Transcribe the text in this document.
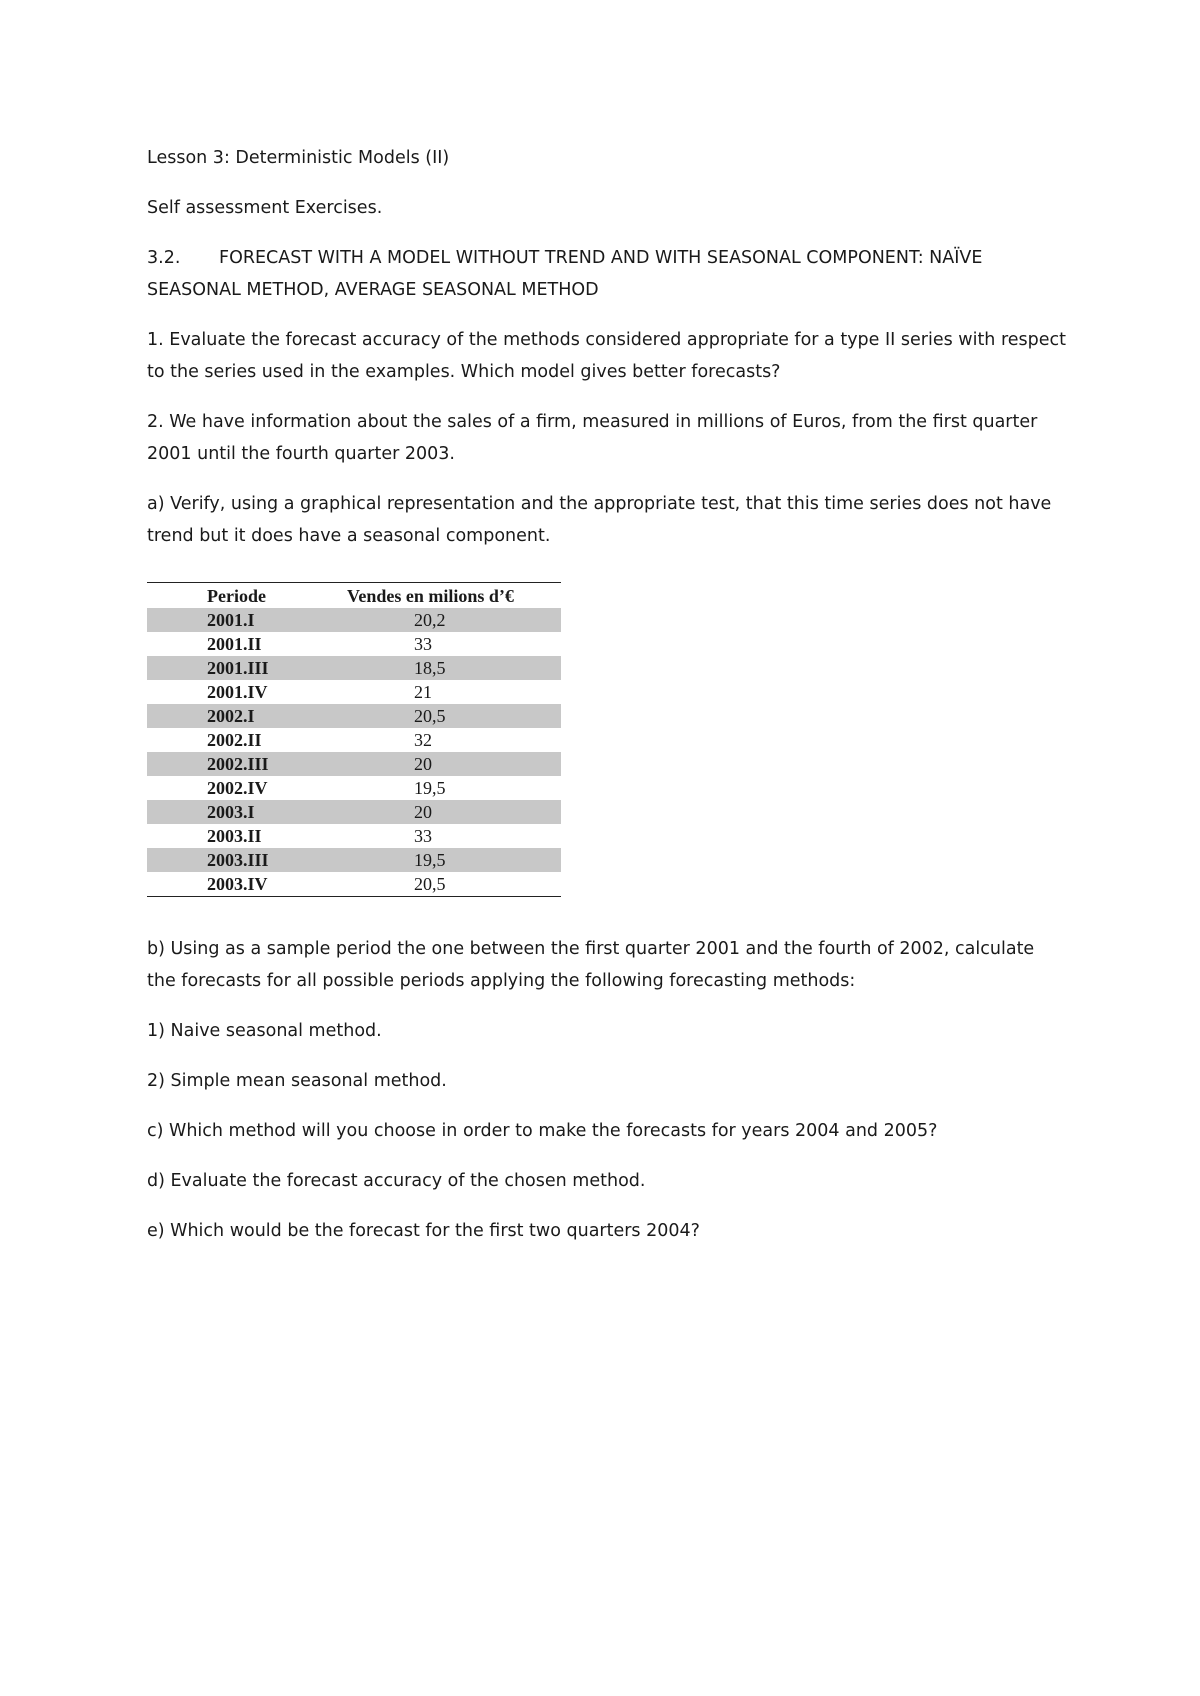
Lesson 3: Deterministic Models (II)

Self assessment Exercises.

3.2. FORECAST WITH A MODEL WITHOUT TREND AND WITH SEASONAL COMPONENT: NAÏVE SEASONAL METHOD, AVERAGE SEASONAL METHOD

1. Evaluate the forecast accuracy of the methods considered appropriate for a type II series with respect to the series used in the examples. Which model gives better forecasts?

2. We have information about the sales of a firm, measured in millions of Euros, from the first quarter 2001 until the fourth quarter 2003.

a) Verify, using a graphical representation and the appropriate test, that this time series does not have trend but it does have a seasonal component.

Periode	Vendes en milions d’€
2001.I	20,2
2001.II	33
2001.III	18,5
2001.IV	21
2002.I	20,5
2002.II	32
2002.III	20
2002.IV	19,5
2003.I	20
2003.II	33
2003.III	19,5
2003.IV	20,5

b) Using as a sample period the one between the first quarter 2001 and the fourth of 2002, calculate the forecasts for all possible periods applying the following forecasting methods:

1) Naive seasonal method.

2) Simple mean seasonal method.

c) Which method will you choose in order to make the forecasts for years 2004 and 2005?

d) Evaluate the forecast accuracy of the chosen method.

e) Which would be the forecast for the first two quarters 2004?
